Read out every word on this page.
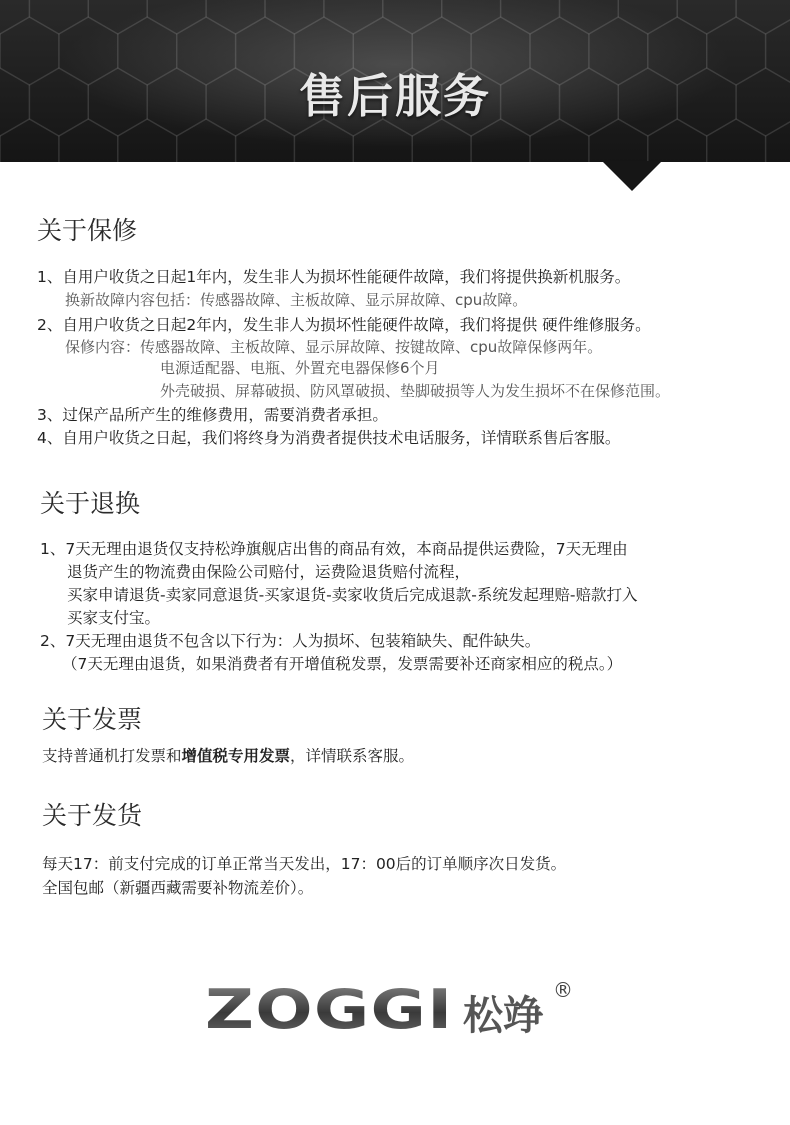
售后服务
关于保修
1、自用户收货之日起1年内，发生非人为损坏性能硬件故障，我们将提供换新机服务。
换新故障内容包括：传感器故障、主板故障、显示屏故障、cpu故障。
2、自用户收货之日起2年内，发生非人为损坏性能硬件故障，我们将提供 硬件维修服务。
保修内容：传感器故障、主板故障、显示屏故障、按键故障、cpu故障保修两年。
电源适配器、电瓶、外置充电器保修6个月
外壳破损、屏幕破损、防风罩破损、垫脚破损等人为发生损坏不在保修范围。
3、过保产品所产生的维修费用，需要消费者承担。
4、自用户收货之日起，我们将终身为消费者提供技术电话服务，详情联系售后客服。
关于退换
1、7天无理由退货仅支持松竫旗舰店出售的商品有效，本商品提供运费险，7天无理由
退货产生的物流费由保险公司赔付，运费险退货赔付流程，
买家申请退货-卖家同意退货-买家退货-卖家收货后完成退款-系统发起理赔-赔款打入
买家支付宝。
2、7天无理由退货不包含以下行为：人为损坏、包装箱缺失、配件缺失。
（7天无理由退货，如果消费者有开增值税发票，发票需要补还商家相应的税点。）
关于发票
支持普通机打发票和增值税专用发票，详情联系客服。
关于发货
每天17：前支付完成的订单正常当天发出，17：00后的订单顺序次日发货。
全国包邮（新疆西藏需要补物流差价）。
ZOGGI 松竫
®
